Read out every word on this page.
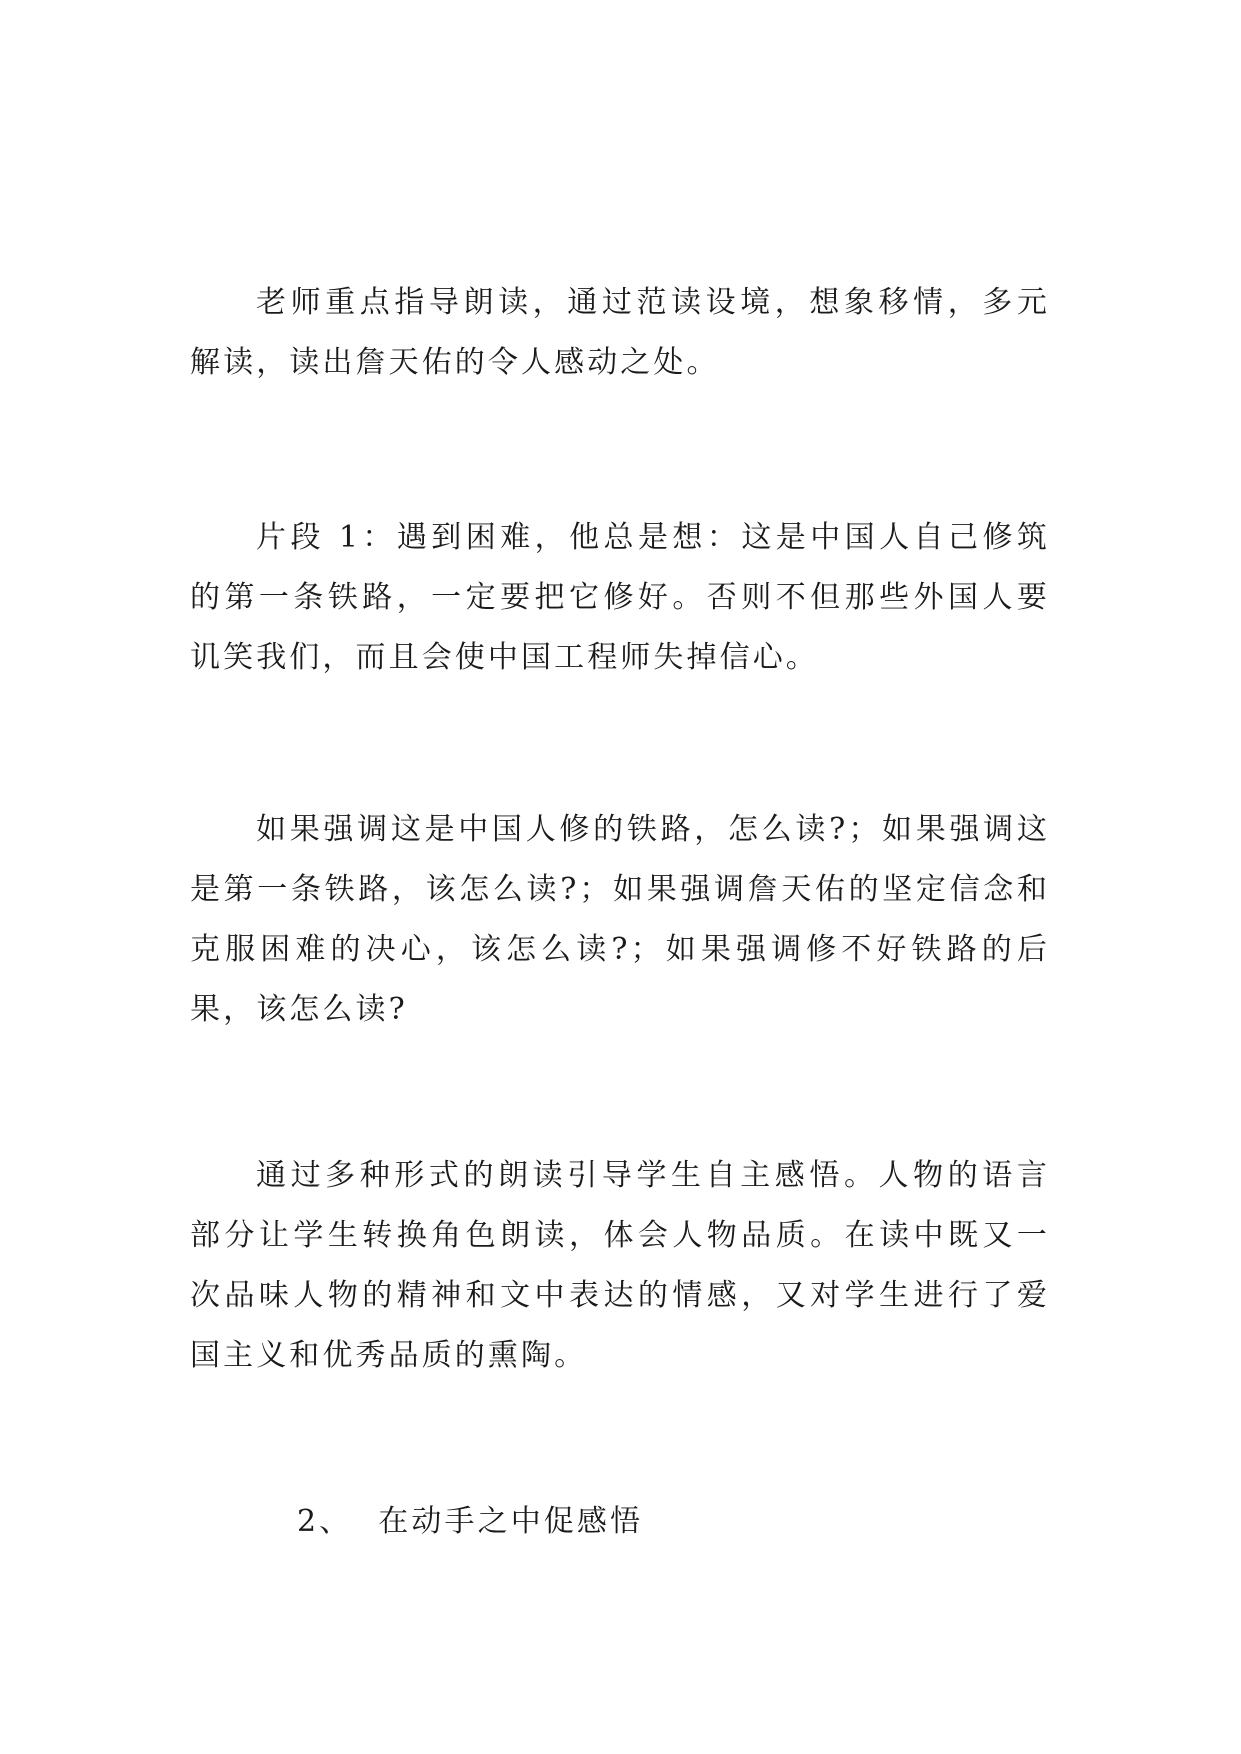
老师重点指导朗读，通过范读设境，想象移情，多元解读，读出詹天佑的令人感动之处。

片段 1：遇到困难，他总是想：这是中国人自己修筑的第一条铁路，一定要把它修好。否则不但那些外国人要讥笑我们，而且会使中国工程师失掉信心。

如果强调这是中国人修的铁路，怎么读?；如果强调这是第一条铁路，该怎么读?；如果强调詹天佑的坚定信念和克服困难的决心，该怎么读?；如果强调修不好铁路的后果，该怎么读?

通过多种形式的朗读引导学生自主感悟。人物的语言部分让学生转换角色朗读，体会人物品质。在读中既又一次品味人物的精神和文中表达的情感，又对学生进行了爱国主义和优秀品质的熏陶。

2、 在动手之中促感悟
